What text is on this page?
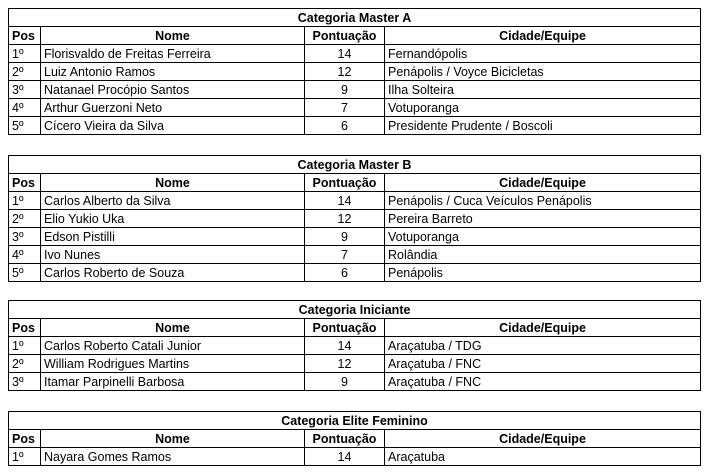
Categoria Master A			
Pos	Nome	Pontuação	Cidade/Equipe
1º	Florisvaldo de Freitas Ferreira	14	Fernandópolis
2º	Luiz Antonio Ramos	12	Penápolis / Voyce Bicicletas
3º	Natanael Procópio Santos	9	Ilha Solteira
4º	Arthur Guerzoni Neto	7	Votuporanga
5º	Cícero Vieira da Silva	6	Presidente Prudente / Boscoli
Categoria Master B			
Pos	Nome	Pontuação	Cidade/Equipe
1º	Carlos Alberto da Silva	14	Penápolis / Cuca Veículos Penápolis
2º	Elio Yukio Uka	12	Pereira Barreto
3º	Edson Pistilli	9	Votuporanga
4º	Ivo Nunes	7	Rolândia
5º	Carlos Roberto de Souza	6	Penápolis
Categoria Iniciante			
Pos	Nome	Pontuação	Cidade/Equipe
1º	Carlos Roberto Catali Junior	14	Araçatuba / TDG
2º	William Rodrigues Martins	12	Araçatuba / FNC
3º	Itamar Parpinelli Barbosa	9	Araçatuba / FNC
Categoria Elite Feminino			
Pos	Nome	Pontuação	Cidade/Equipe
1º	Nayara Gomes Ramos	14	Araçatuba
